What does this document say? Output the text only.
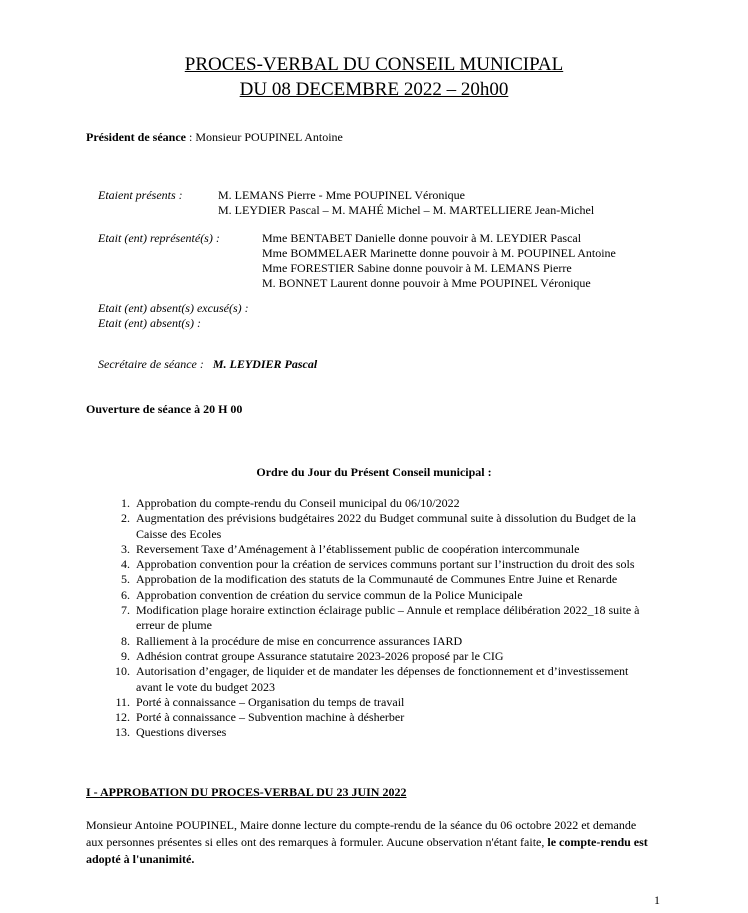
PROCES-VERBAL DU CONSEIL MUNICIPAL
DU 08 DECEMBRE 2022 – 20h00
Président de séance : Monsieur POUPINEL Antoine
Etaient présents :	M. LEMANS Pierre - Mme POUPINEL Véronique
M. LEYDIER Pascal – M. MAHÉ Michel – M. MARTELLIERE Jean-Michel
Etait (ent) représenté(s) :	Mme BENTABET Danielle donne pouvoir à M. LEYDIER Pascal
Mme BOMMELAER Marinette donne pouvoir à M. POUPINEL Antoine
Mme FORESTIER Sabine donne pouvoir à M. LEMANS Pierre
M. BONNET Laurent donne pouvoir à Mme POUPINEL Véronique
Etait (ent) absent(s) excusé(s) :
Etait (ent) absent(s) :
Secrétaire de séance : M. LEYDIER Pascal
Ouverture de séance à 20 H 00
Ordre du Jour du Présent Conseil municipal :
1. Approbation du compte-rendu du Conseil municipal du 06/10/2022
2. Augmentation des prévisions budgétaires 2022 du Budget communal suite à dissolution du Budget de la
Caisse des Ecoles
3. Reversement Taxe d’Aménagement à l’établissement public de coopération intercommunale
4. Approbation convention pour la création de services communs portant sur l’instruction du droit des sols
5. Approbation de la modification des statuts de la Communauté de Communes Entre Juine et Renarde
6. Approbation convention de création du service commun de la Police Municipale
7. Modification plage horaire extinction éclairage public – Annule et remplace délibération 2022_18 suite à
erreur de plume
8. Ralliement à la procédure de mise en concurrence assurances IARD
9. Adhésion contrat groupe Assurance statutaire 2023-2026 proposé par le CIG
10. Autorisation d’engager, de liquider et de mandater les dépenses de fonctionnement et d’investissement
avant le vote du budget 2023
11. Porté à connaissance – Organisation du temps de travail
12. Porté à connaissance – Subvention machine à désherber
13. Questions diverses
I - APPROBATION DU PROCES-VERBAL DU 23 JUIN 2022
Monsieur Antoine POUPINEL, Maire donne lecture du compte-rendu de la séance du 06 octobre 2022 et demande
aux personnes présentes si elles ont des remarques à formuler. Aucune observation n'étant faite, le compte-rendu est
adopté à l'unanimité.
1
